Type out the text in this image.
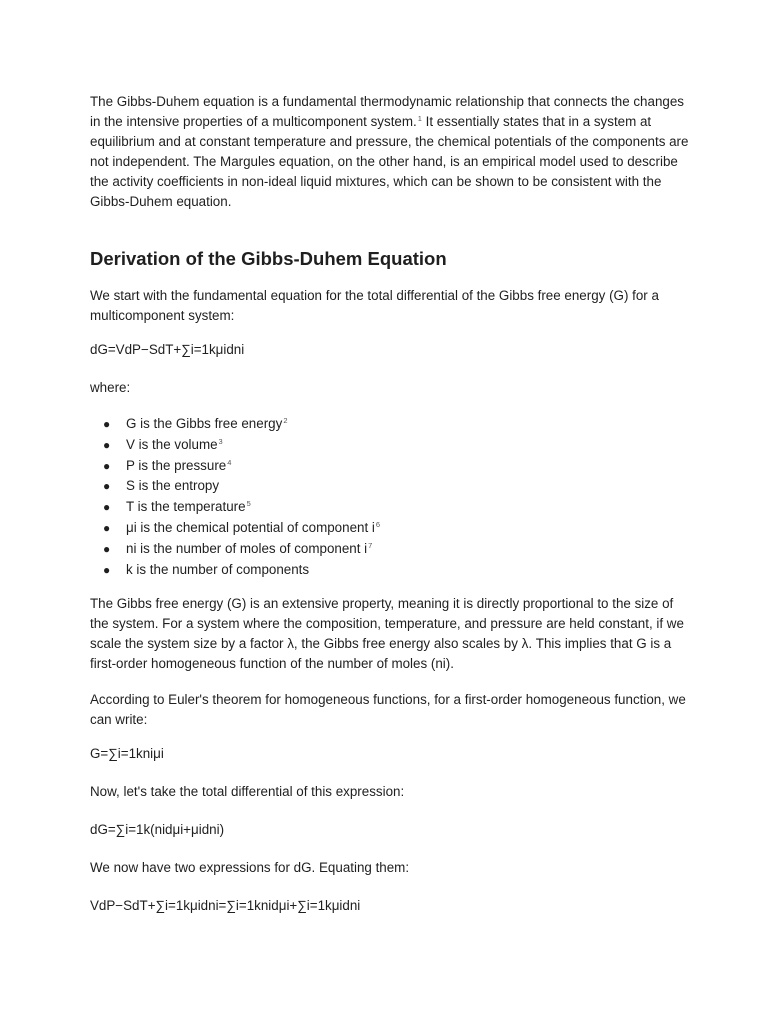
The Gibbs-Duhem equation is a fundamental thermodynamic relationship that connects the changes in the intensive properties of a multicomponent system.$^1$ It essentially states that in a system at equilibrium and at constant temperature and pressure, the chemical potentials of the components are not independent. The Margules equation, on the other hand, is an empirical model used to describe the activity coefficients in non-ideal liquid mixtures, which can be shown to be consistent with the Gibbs-Duhem equation.

Derivation of the Gibbs-Duhem Equation

We start with the fundamental equation for the total differential of the Gibbs free energy (G) for a multicomponent system:

dG=VdP−SdT+∑i=1kμidni

where:

● G is the Gibbs free energy$^2$
● V is the volume$^3$
● P is the pressure$^4$
● S is the entropy
● T is the temperature$^5$
● μi is the chemical potential of component $i^6$
● ni is the number of moles of component $i^7$
● k is the number of components

The Gibbs free energy (G) is an extensive property, meaning it is directly proportional to the size of the system. For a system where the composition, temperature, and pressure are held constant, if we scale the system size by a factor λ, the Gibbs free energy also scales by λ. This implies that G is a first-order homogeneous function of the number of moles (ni).

According to Euler's theorem for homogeneous functions, for a first-order homogeneous function, we can write:

G=∑i=1kniμi

Now, let's take the total differential of this expression:

dG=∑i=1k(nidμi+μidni)

We now have two expressions for dG. Equating them:

VdP−SdT+∑i=1kμidni=∑i=1knidμi+∑i=1kμidni
